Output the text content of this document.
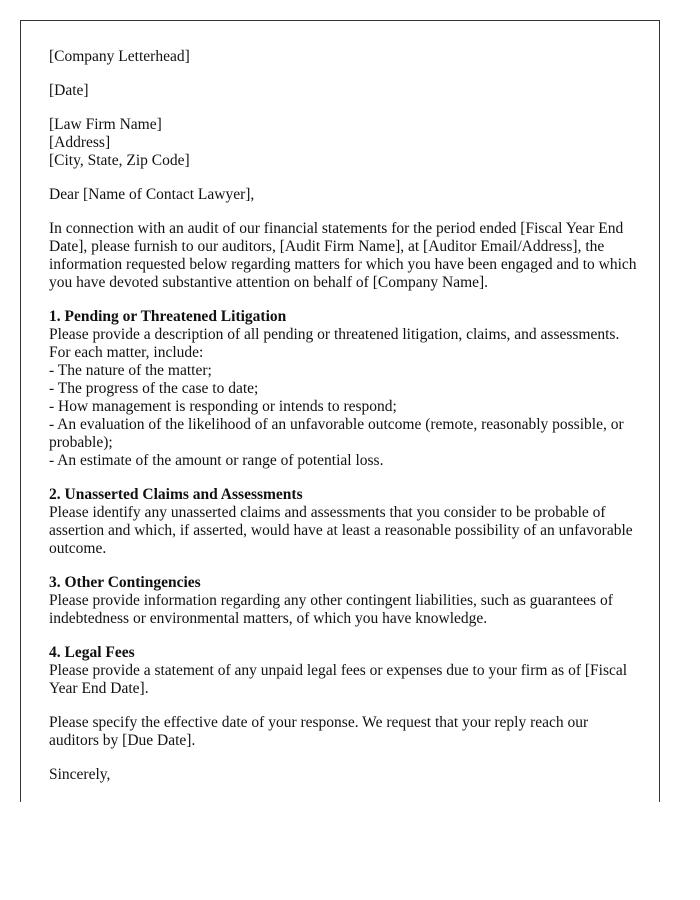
[Company Letterhead]

[Date]

[Law Firm Name]
[Address]
[City, State, Zip Code]

Dear [Name of Contact Lawyer],

In connection with an audit of our financial statements for the period ended [Fiscal Year End Date], please furnish to our auditors, [Audit Firm Name], at [Auditor Email/Address], the information requested below regarding matters for which you have been engaged and to which you have devoted substantive attention on behalf of [Company Name].

1. Pending or Threatened Litigation
Please provide a description of all pending or threatened litigation, claims, and assessments. For each matter, include:
- The nature of the matter;
- The progress of the case to date;
- How management is responding or intends to respond;
- An evaluation of the likelihood of an unfavorable outcome (remote, reasonably possible, or probable);
- An estimate of the amount or range of potential loss.

2. Unasserted Claims and Assessments
Please identify any unasserted claims and assessments that you consider to be probable of assertion and which, if asserted, would have at least a reasonable possibility of an unfavorable outcome.

3. Other Contingencies
Please provide information regarding any other contingent liabilities, such as guarantees of indebtedness or environmental matters, of which you have knowledge.

4. Legal Fees
Please provide a statement of any unpaid legal fees or expenses due to your firm as of [Fiscal Year End Date].

Please specify the effective date of your response. We request that your reply reach our auditors by [Due Date].

Sincerely,
